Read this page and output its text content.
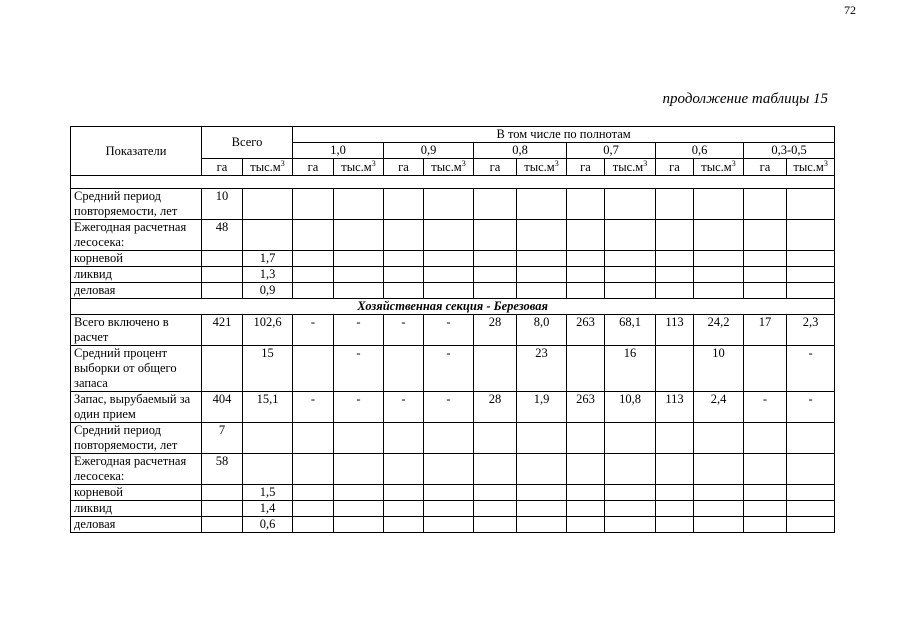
72
продолжение таблицы 15
Показатели	Всего		В том числе по полнотам											
			1,0		0,9		0,8		0,7		0,6		0,3-0,5	
	га	$тыс.м^3$	га	$тыс.м^3$	га	$тыс.м^3$	га	$тыс.м^3$	га	$тыс.м^3$	га	$тыс.м^3$	га	$тыс.м^3$

Средний период повторяемости, лет	10													
Ежегодная расчетная лесосека:	48													
корневой		1,7												
ликвид		1,3												
деловая		0,9												
Хозяйственная секция - Березовая														
Всего включено в расчет	421	102,6	-	-	-	-	28	8,0	263	68,1	113	24,2	17	2,3
Средний процент выборки от общего запаса		15		-		-		23		16		10		-
Запас, вырубаемый за один прием	404	15,1	-	-	-	-	28	1,9	263	10,8	113	2,4	-	-
Средний период повторяемости, лет	7													
Ежегодная расчетная лесосека:	58													
корневой		1,5												
ликвид		1,4												
деловая		0,6												
